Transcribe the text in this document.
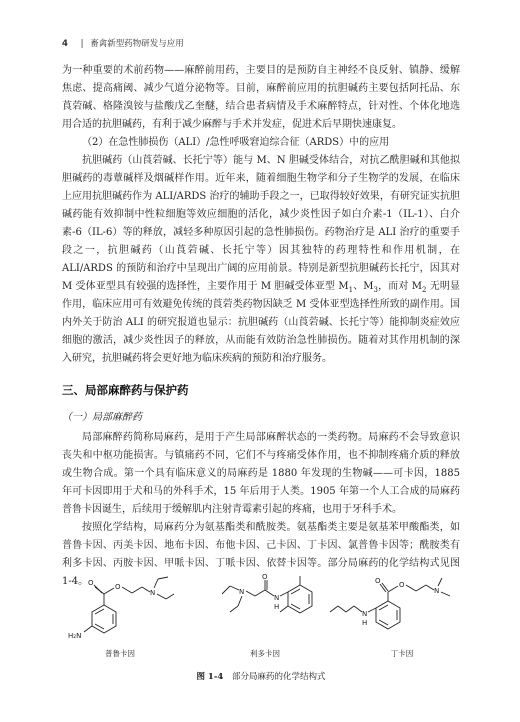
4 | 畜禽新型药物研发与应用

为一种重要的术前药物——麻醉前用药，主要目的是预防自主神经不良反射、镇静、缓解焦虑、提高痛阈、减少气道分泌物等。目前，麻醉前应用的抗胆碱药主要包括阿托品、东莨菪碱、格隆溴铵与盐酸戊乙奎醚，结合患者病情及手术麻醉特点，针对性、个体化地选用合适的抗胆碱药，有利于减少麻醉与手术并发症，促进术后早期快速康复。

（2）在急性肺损伤（ALI）/急性呼吸窘迫综合征（ARDS）中的应用

抗胆碱药（山莨菪碱、长托宁等）能与 M、N 胆碱受体结合，对抗乙酰胆碱和其他拟胆碱药的毒蕈碱样及烟碱样作用。近年来，随着细胞生物学和分子生物学的发展，在临床上应用抗胆碱药作为 ALI/ARDS 治疗的辅助手段之一，已取得较好效果，有研究证实抗胆碱药能有效抑制中性粒细胞等效应细胞的活化，减少炎性因子如白介素-1（IL-1）、白介素-6（IL-6）等的释放，减轻多种原因引起的急性肺损伤。药物治疗是 ALI 治疗的重要手段之一，抗胆碱药（山莨菪碱、长托宁等）因其独特的药理特性和作用机制，在 ALI/ARDS 的预防和治疗中呈现出广阔的应用前景。特别是新型抗胆碱药长托宁，因其对 M 受体亚型具有较强的选择性，主要作用于 M 胆碱受体亚型 $M_1$、$M_3$，而对 $M_2$ 无明显作用，临床应用可有效避免传统的莨菪类药物因缺乏 M 受体亚型选择性所致的副作用。国内外关于防治 ALI 的研究报道也显示：抗胆碱药（山莨菪碱、长托宁等）能抑制炎症效应细胞的激活，减少炎性因子的释放，从而能有效防治急性肺损伤。随着对其作用机制的深入研究，抗胆碱药将会更好地为临床疾病的预防和治疗服务。

三、局部麻醉药与保护药
（一）局部麻醉药

局部麻醉药简称局麻药，是用于产生局部麻醉状态的一类药物。局麻药不会导致意识丧失和中枢功能损害。与镇痛药不同，它们不与疼痛受体作用，也不抑制疼痛介质的释放或生物合成。第一个具有临床意义的局麻药是 1880 年发现的生物碱——可卡因，1885 年可卡因即用于犬和马的外科手术，15 年后用于人类。1905 年第一个人工合成的局麻药普鲁卡因诞生，后续用于缓解肌内注射青霉素引起的疼痛，也用于牙科手术。

按照化学结构，局麻药分为氨基酯类和酰胺类。氨基酯类主要是氨基苯甲酸酯类，如普鲁卡因、丙美卡因、地布卡因、布他卡因、己卡因、丁卡因、氯普鲁卡因等；酰胺类有利多卡因、丙胺卡因、甲哌卡因、丁哌卡因、依替卡因等。部分局麻药的化学结构式见图 1-4。

H₂N
O	O
N	N
O
N
H
N
H
O	O
N
普鲁卡因	利多卡因	丁卡因
图 1-4 部分局麻药的化学结构式
